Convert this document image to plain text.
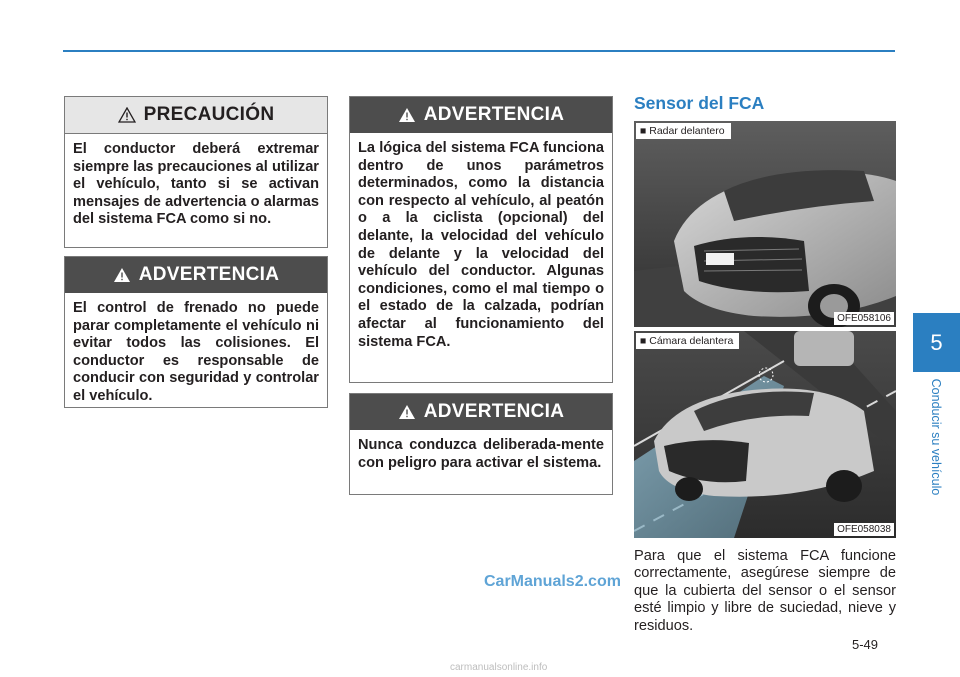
PRECAUCIÓN
El conductor deberá extremar siempre las precauciones al utilizar el vehículo, tanto si se activan mensajes de advertencia o alarmas del sistema FCA como si no.
ADVERTENCIA
El control de frenado no puede parar completamente el vehículo ni evitar todos las colisiones. El conductor es responsable de conducir con seguridad y controlar el vehículo.
ADVERTENCIA
La lógica del sistema FCA funciona dentro de unos parámetros determinados, como la distancia con respecto al vehículo, al peatón o a la ciclista (opcional) del delante, la velocidad del vehículo de delante y la velocidad del vehículo del conductor. Algunas condiciones, como el mal tiempo o el estado de la calzada, podrían afectar al funcionamiento del sistema FCA.
ADVERTENCIA
Nunca conduzca deliberada-mente con peligro para activar el sistema.
Sensor del FCA
■ Radar delantero
OFE058106
■ Cámara delantera
OFE058038
Para que el sistema FCA funcione correctamente, asegúrese siempre de que la cubierta del sensor o el sensor esté limpio y libre de suciedad, nieve y residuos.
CarManuals2.com
5-49
5
Conducir su vehículo
carmanualsonline.info
